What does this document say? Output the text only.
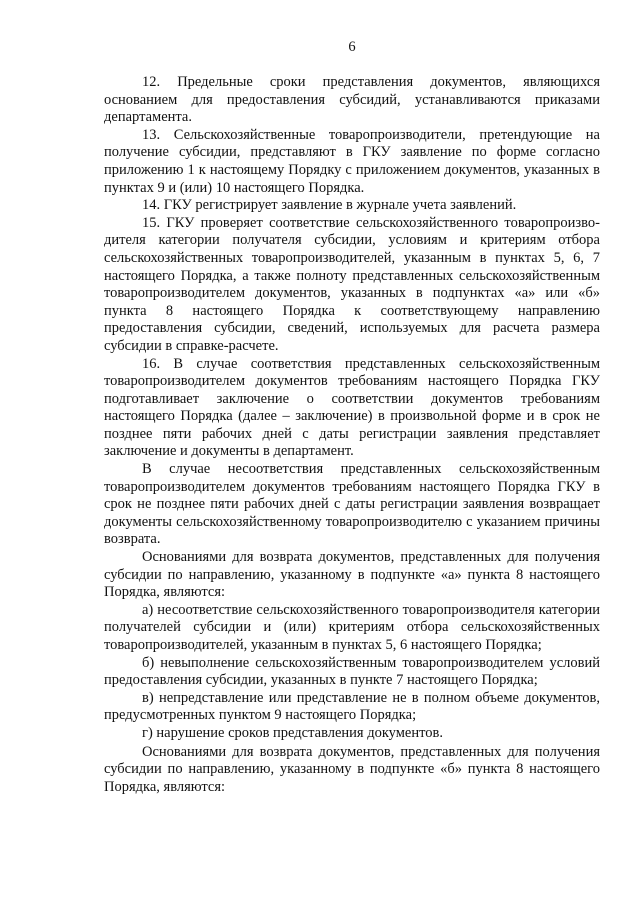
6

12. Предельные сроки представления документов, являющихся основанием для предоставления субсидий, устанавливаются приказами департамента.

13. Сельскохозяйственные товаропроизводители, претендующие на получение субсидии, представляют в ГКУ заявление по форме согласно приложению 1 к настоящему Порядку с приложением документов, указанных в пунктах 9 и (или) 10 настоящего Порядка.

14. ГКУ регистрирует заявление в журнале учета заявлений.

15. ГКУ проверяет соответствие сельскохозяйственного товаропроизводителя категории получателя субсидии, условиям и критериям отбора сельскохозяйственных товаропроизводителей, указанным в пунктах 5, 6, 7 настоящего Порядка, а также полноту представленных сельскохозяйственным товаропроизводителем документов, указанных в подпунктах «а» или «б» пункта 8 настоящего Порядка к соответствующему направлению предоставления субсидии, сведений, используемых для расчета размера субсидии в справке-расчете.

16. В случае соответствия представленных сельскохозяйственным товаропроизводителем документов требованиям настоящего Порядка ГКУ подготавливает заключение о соответствии документов требованиям настоящего Порядка (далее – заключение) в произвольной форме и в срок не позднее пяти рабочих дней с даты регистрации заявления представляет заключение и документы в департамент.

В случае несоответствия представленных сельскохозяйственным товаропроизводителем документов требованиям настоящего Порядка ГКУ в срок не позднее пяти рабочих дней с даты регистрации заявления возвращает документы сельскохозяйственному товаропроизводителю с указанием причины возврата.

Основаниями для возврата документов, представленных для получения субсидии по направлению, указанному в подпункте «а» пункта 8 настоящего Порядка, являются:

а) несоответствие сельскохозяйственного товаропроизводителя категории получателей субсидии и (или) критериям отбора сельскохозяйственных товаропроизводителей, указанным в пунктах 5, 6 настоящего Порядка;

б) невыполнение сельскохозяйственным товаропроизводителем условий предоставления субсидии, указанных в пункте 7 настоящего Порядка;

в) непредставление или представление не в полном объеме документов, предусмотренных пунктом 9 настоящего Порядка;

г) нарушение сроков представления документов.

Основаниями для возврата документов, представленных для получения субсидии по направлению, указанному в подпункте «б» пункта 8 настоящего Порядка, являются:
